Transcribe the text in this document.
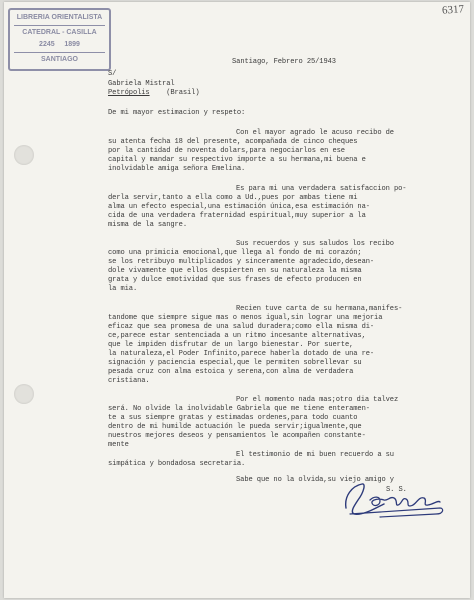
LIBRERIA ORIENTALISTA
CATEDRAL - CASILLA
2245 1899
SANTIAGO
6317
Santiago, Febrero 25/1943
S/
Gabriela Mistral
Petrópolis (Brasil)
De mi mayor estimacion y respeto:
Con el mayor agrado le acuso recibo de
su atenta fecha 18 del presente, acompañada de cinco cheques
por la cantidad de noventa dolars,para negociarlos en ese
capital y mandar su respectivo importe a su hermana,mi buena e
inolvidable amiga señora Emelina.
Es para mi una verdadera satisfaccion po-
derla servir,tanto a ella como a Ud.,pues por ambas tiene mi
alma un efecto especial,una estimación única,esa estimación na-
cida de una verdadera fraternidad espiritual,muy superior a la
misma de la sangre.
Sus recuerdos y sus saludos los recibo
como una primicia emocional,que llega al fondo de mi corazón;
se los retribuyo multiplicados y sinceramente agradecido,desean-
dole vivamente que ellos despierten en su naturaleza la misma
grata y dulce emotividad que sus frases de efecto producen en
la mia.
Recien tuve carta de su hermana,manifes-
tandome que siempre sigue mas o menos igual,sin lograr una mejoria
eficaz que sea promesa de una salud duradera;como ella misma di-
ce,parece estar sentenciada a un ritmo incesante alternativas,
que le impiden disfrutar de un largo bienestar. Por suerte,
la naturaleza,el Poder Infinito,parece haberla dotado de una re-
signación y paciencia especial,que le permiten sobrellevar su
pesada cruz con alma estoica y serena,con alma de verdadera
cristiana.
Por el momento nada mas;otro dia talvez
será. No olvide la inolvidable Gabriela que me tiene enteramen-
te a sus siempre gratas y estimadas ordenes,para todo cuanto
dentro de mi humilde actuación le pueda servir;igualmente,que
nuestros mejores deseos y pensamientos le acompañen constante-
mente
El testimonio de mi buen recuerdo a su
simpática y bondadosa secretaria.
Sabe que no la olvida,su viejo amigo y
S. S.
